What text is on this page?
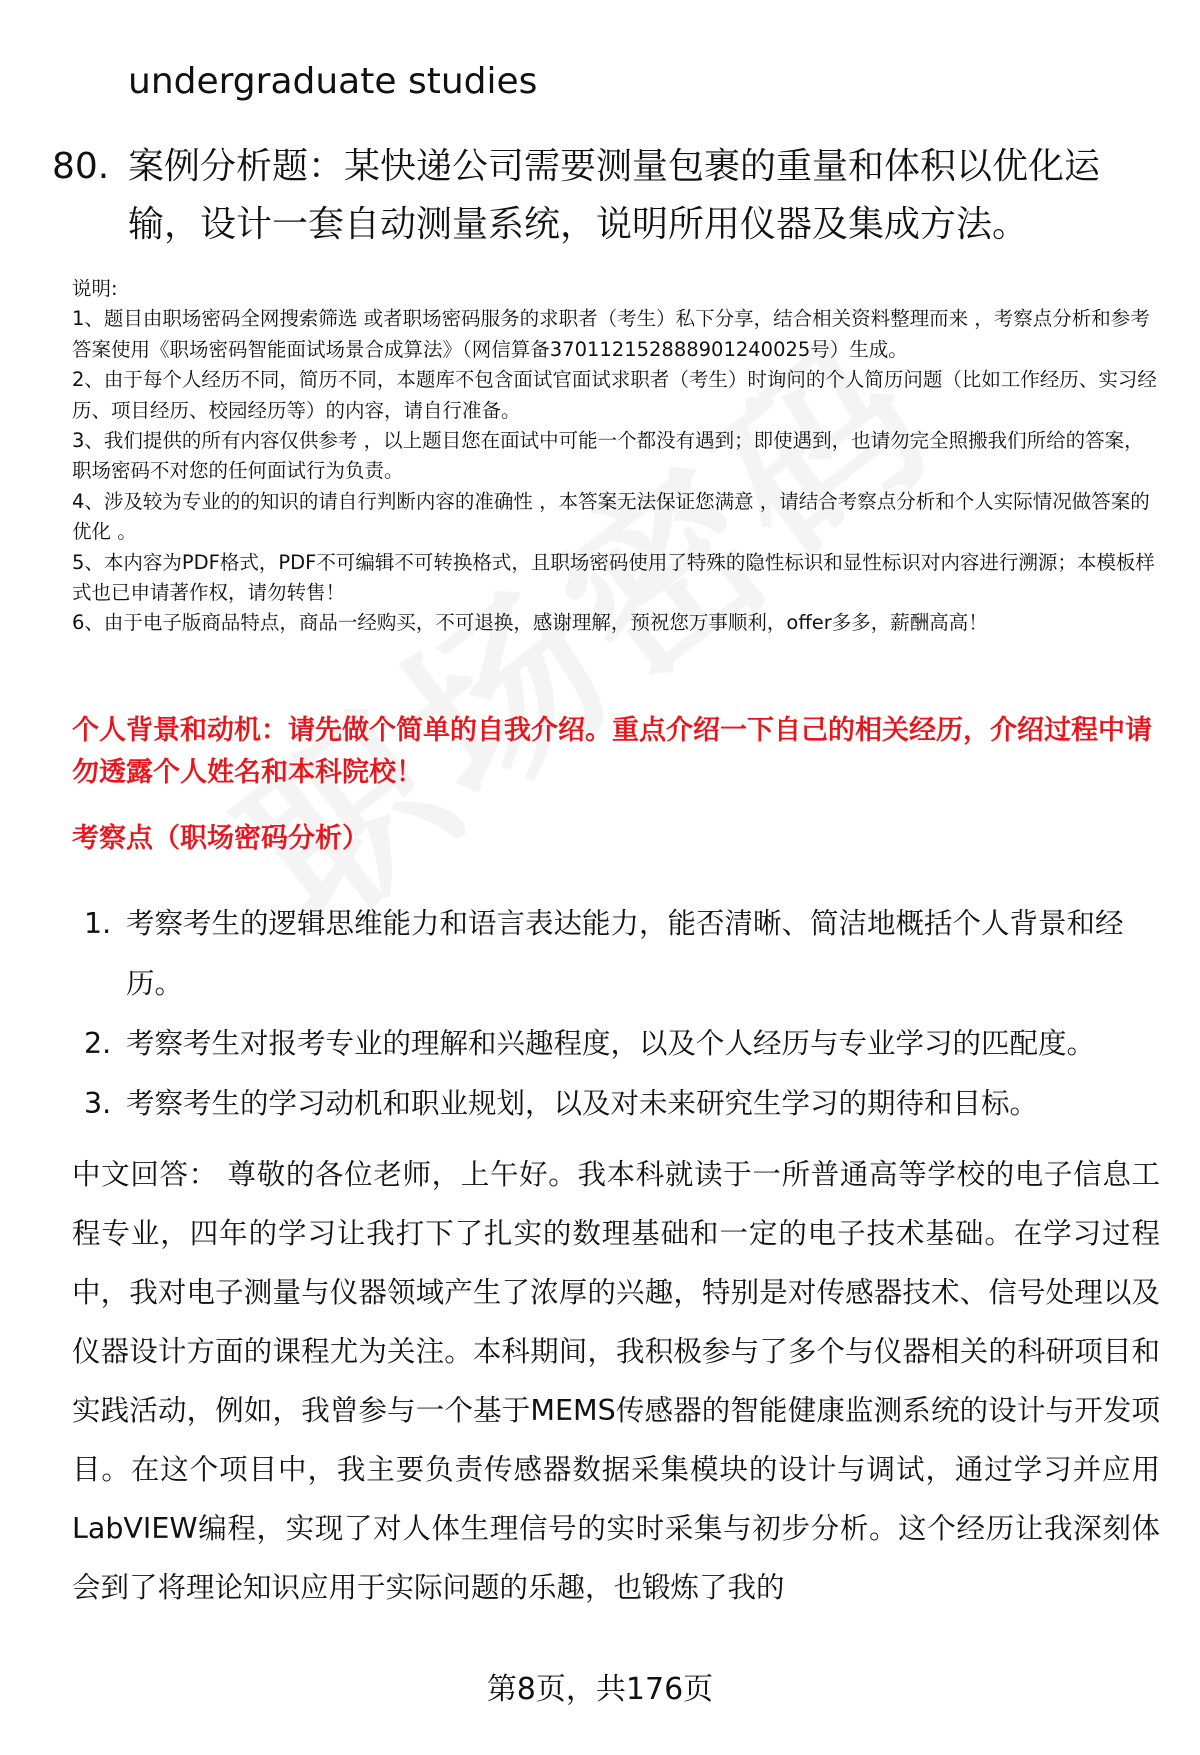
undergraduate studies
80. 案例分析题：某快递公司需要测量包裹的重量和体积以优化运输，设计一套自动测量系统，说明所用仪器及集成方法。

说明:

1、题目由职场密码全网搜索筛选 或者职场密码服务的求职者（考生）私下分享，结合相关资料整理而来 ，考察点分析和参考答案使用《职场密码智能面试场景合成算法》（网信算备370112152888901240025号）生成。

2、由于每个人经历不同，简历不同，本题库不包含面试官面试求职者（考生）时询问的个人简历问题（比如工作经历、实习经历、项目经历、校园经历等）的内容，请自行准备。

3、我们提供的所有内容仅供参考 ，以上题目您在面试中可能一个都没有遇到；即使遇到，也请勿完全照搬我们所给的答案，职场密码不对您的任何面试行为负责。

4、涉及较为专业的的知识的请自行判断内容的准确性 ，本答案无法保证您满意 ，请结合考察点分析和个人实际情况做答案的优化 。

5、本内容为PDF格式，PDF不可编辑不可转换格式，且职场密码使用了特殊的隐性标识和显性标识对内容进行溯源；本模板样式也已申请著作权，请勿转售！

6、由于电子版商品特点，商品一经购买，不可退换，感谢理解，预祝您万事顺利，offer多多，薪酬高高！

个人背景和动机：请先做个简单的自我介绍。重点介绍一下自己的相关经历，介绍过程中请勿透露个人姓名和本科院校！
考察点（职场密码分析）
1. 考察考生的逻辑思维能力和语言表达能力，能否清晰、简洁地概括个人背景和经历。
2. 考察考生对报考专业的理解和兴趣程度，以及个人经历与专业学习的匹配度。
3. 考察考生的学习动机和职业规划，以及对未来研究生学习的期待和目标。
中文回答： 尊敬的各位老师，上午好。我本科就读于一所普通高等学校的电子信息工程专业，四年的学习让我打下了扎实的数理基础和一定的电子技术基础。在学习过程中，我对电子测量与仪器领域产生了浓厚的兴趣，特别是对传感器技术、信号处理以及仪器设计方面的课程尤为关注。本科期间，我积极参与了多个与仪器相关的科研项目和实践活动，例如，我曾参与一个基于MEMS传感器的智能健康监测系统的设计与开发项目。在这个项目中，我主要负责传感器数据采集模块的设计与调试，通过学习并应用LabVIEW编程，实现了对人体生理信号的实时采集与初步分析。这个经历让我深刻体会到了将理论知识应用于实际问题的乐趣，也锻炼了我的
第8页，共176页
